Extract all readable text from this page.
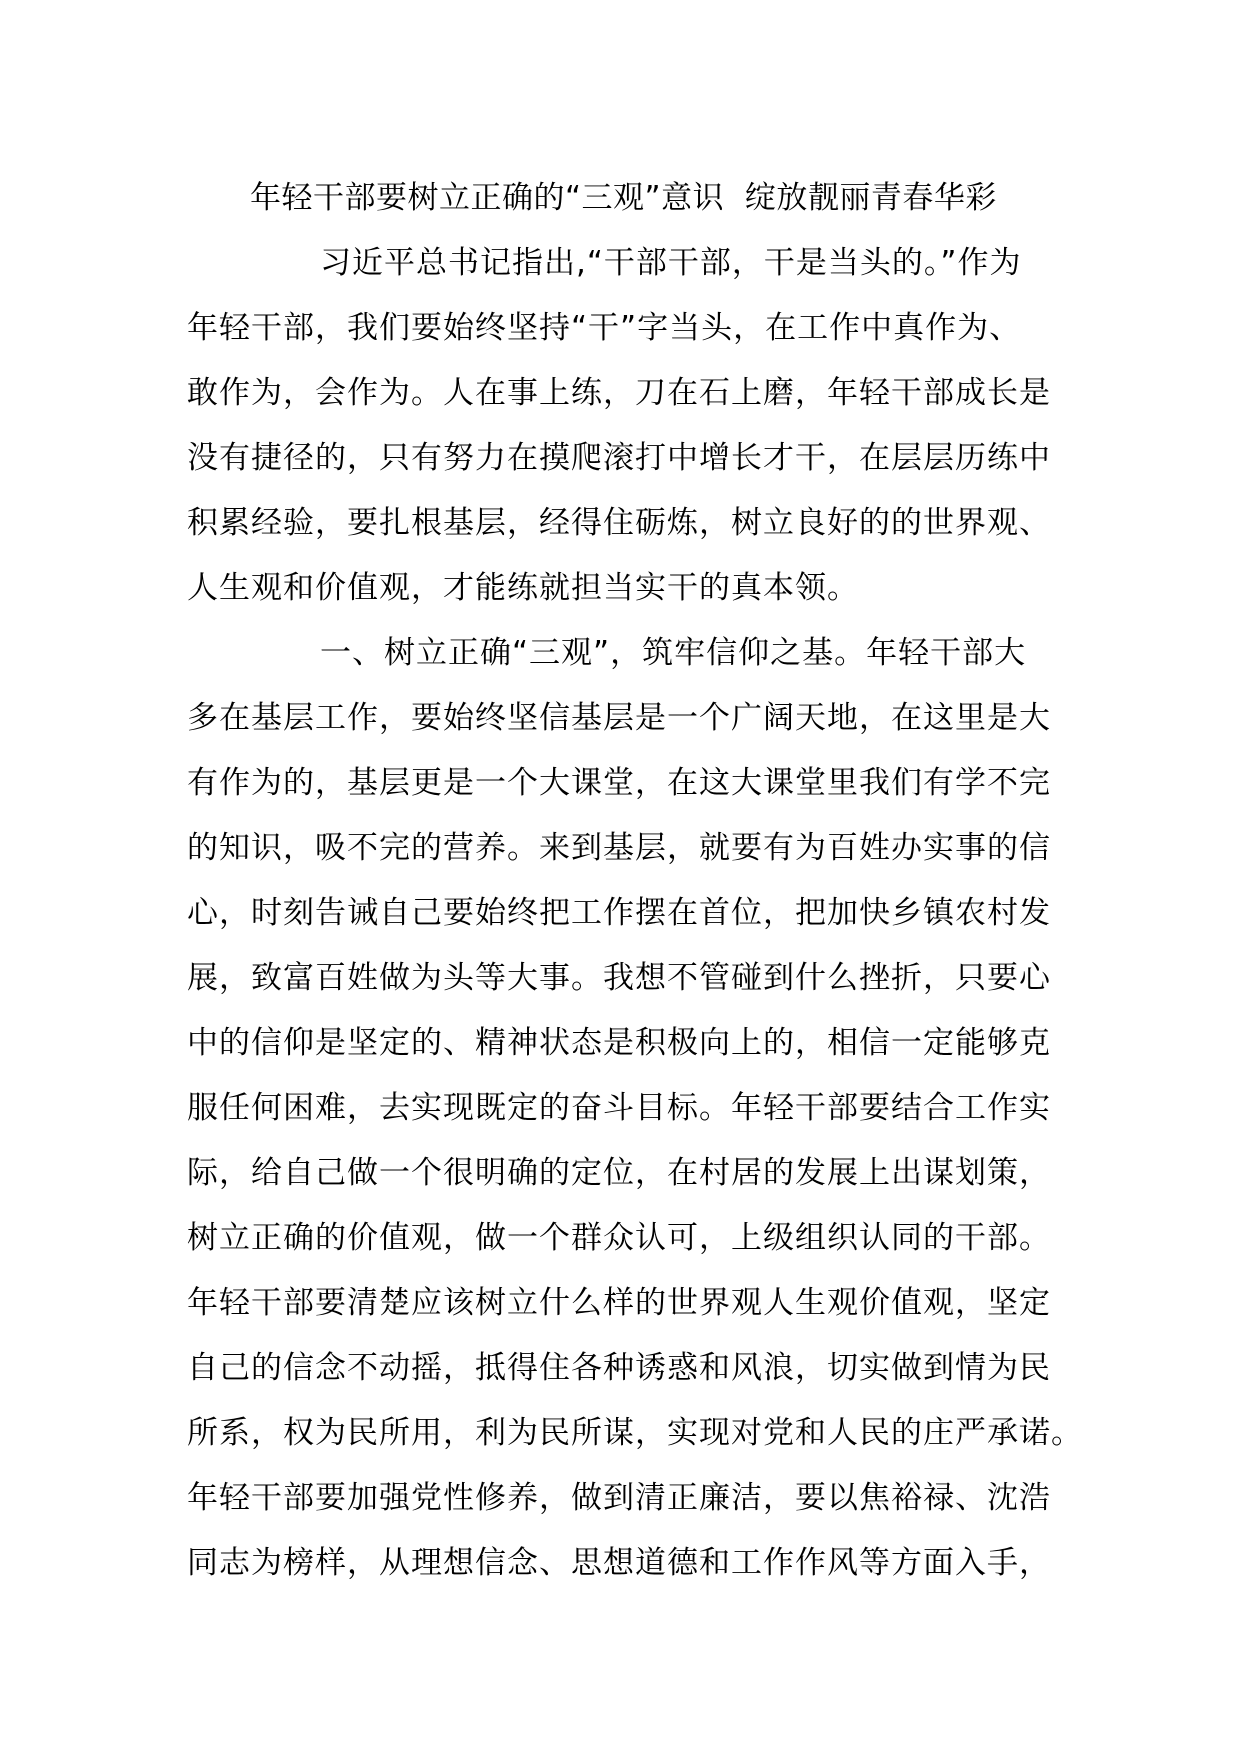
年轻干部要树立正确的“三观”意识  绽放靓丽青春华彩
习近平总书记指出,“干部干部，干是当头的。”作为
年轻干部，我们要始终坚持“干”字当头，在工作中真作为、
敢作为，会作为。人在事上练，刀在石上磨，年轻干部成长是
没有捷径的，只有努力在摸爬滚打中增长才干，在层层历练中
积累经验，要扎根基层，经得住砺炼，树立良好的的世界观、
人生观和价值观，才能练就担当实干的真本领。
一、树立正确“三观”，筑牢信仰之基。年轻干部大
多在基层工作，要始终坚信基层是一个广阔天地，在这里是大
有作为的，基层更是一个大课堂，在这大课堂里我们有学不完
的知识，吸不完的营养。来到基层，就要有为百姓办实事的信
心，时刻告诫自己要始终把工作摆在首位，把加快乡镇农村发
展，致富百姓做为头等大事。我想不管碰到什么挫折，只要心
中的信仰是坚定的、精神状态是积极向上的，相信一定能够克
服任何困难，去实现既定的奋斗目标。年轻干部要结合工作实
际，给自己做一个很明确的定位，在村居的发展上出谋划策，
树立正确的价值观，做一个群众认可，上级组织认同的干部。
年轻干部要清楚应该树立什么样的世界观人生观价值观，坚定
自己的信念不动摇，抵得住各种诱惑和风浪，切实做到情为民
所系，权为民所用，利为民所谋，实现对党和人民的庄严承诺。
年轻干部要加强党性修养，做到清正廉洁，要以焦裕禄、沈浩
同志为榜样，从理想信念、思想道德和工作作风等方面入手，
